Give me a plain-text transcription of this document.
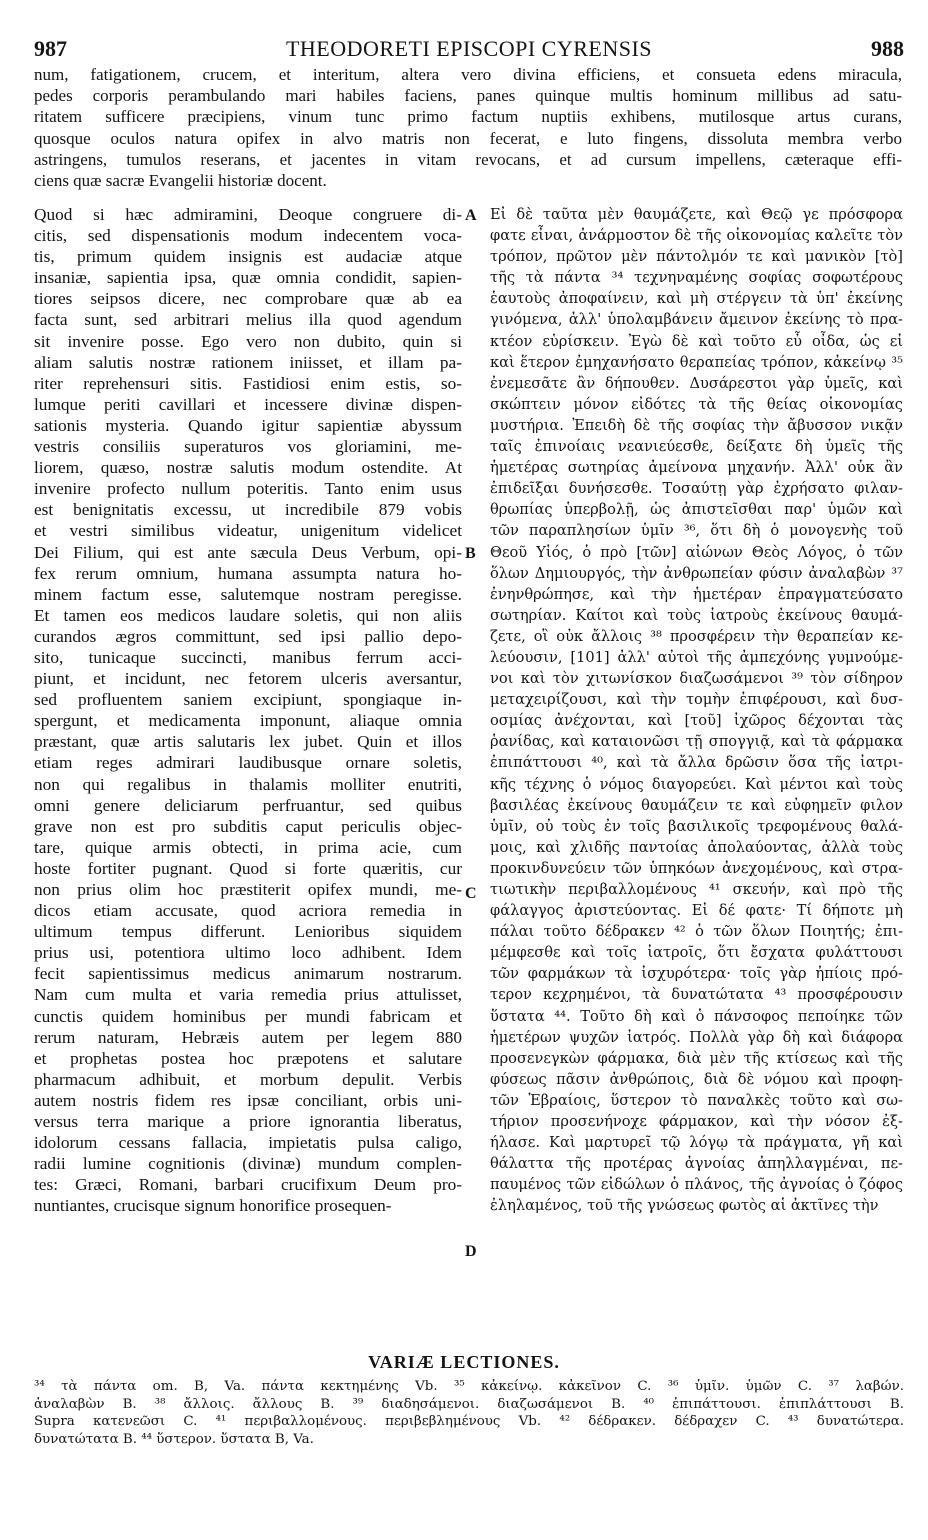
987	THEODORETI EPISCOPI CYRENSIS	988
num, fatigationem, crucem, et interitum, altera vero divina efficiens, et consueta edens miracula,
pedes corporis perambulando mari habiles faciens, panes quinque multis hominum millibus ad satu-
ritatem sufficere præcipiens, vinum tunc primo factum nuptiis exhibens, mutilosque artus curans,
quosque oculos natura opifex in alvo matris non fecerat, e luto fingens, dissoluta membra verbo
astringens, tumulos reserans, et jacentes in vitam revocans, et ad cursum impellens, cæteraque effi-
ciens quæ sacræ Evangelii historiæ docent.
Quod si hæc admiramini, Deoque congruere di-
citis, sed dispensationis modum indecentem voca-
tis, primum quidem insignis est audaciæ atque
insaniæ, sapientia ipsa, quæ omnia condidit, sapien-
tiores seipsos dicere, nec comprobare quæ ab ea
facta sunt, sed arbitrari melius illa quod agendum
sit invenire posse. Ego vero non dubito, quin si
aliam salutis nostræ rationem iniisset, et illam pa-
riter reprehensuri sitis. Fastidiosi enim estis, so-
lumque periti cavillari et incessere divinæ dispen-
sationis mysteria. Quando igitur sapientiæ abyssum
vestris consiliis superaturos vos gloriamini, me-
liorem, quæso, nostræ salutis modum ostendite. At
invenire profecto nullum poteritis. Tanto enim usus
est benignitatis excessu, ut incredibile 879 vobis
et vestri similibus videatur, unigenitum videlicet
Dei Filium, qui est ante sæcula Deus Verbum, opi-
fex rerum omnium, humana assumpta natura ho-
minem factum esse, salutemque nostram peregisse.
Et tamen eos medicos laudare soletis, qui non aliis
curandos ægros committunt, sed ipsi pallio depo-
sito, tunicaque succincti, manibus ferrum acci-
piunt, et incidunt, nec fetorem ulceris aversantur,
sed profluentem saniem excipiunt, spongiaque in-
spergunt, et medicamenta imponunt, aliaque omnia
præstant, quæ artis salutaris lex jubet. Quin et illos
etiam reges admirari laudibusque ornare soletis,
non qui regalibus in thalamis molliter enutriti,
omni genere deliciarum perfruantur, sed quibus
grave non est pro subditis caput periculis objec-
tare, quique armis obtecti, in prima acie, cum
hoste fortiter pugnant. Quod si forte quæritis, cur
non prius olim hoc præstiterit opifex mundi, me-
dicos etiam accusate, quod acriora remedia in
ultimum tempus differunt. Lenioribus siquidem
prius usi, potentiora ultimo loco adhibent. Idem
fecit sapientissimus medicus animarum nostrarum.
Nam cum multa et varia remedia prius attulisset,
cunctis quidem hominibus per mundi fabricam et
rerum naturam, Hebræis autem per legem 880
et prophetas postea hoc præpotens et salutare
pharmacum adhibuit, et morbum depulit. Verbis
autem nostris fidem res ipsæ conciliant, orbis uni-
versus terra marique a priore ignorantia liberatus,
idolorum cessans fallacia, impietatis pulsa caligo,
radii lumine cognitionis (divinæ) mundum complen-
tes: Græci, Romani, barbari crucifixum Deum pro-
nuntiantes, crucisque signum honorifice prosequen-
A
B
C
D
Εἰ δὲ ταῦτα μὲν θαυμάζετε, καὶ Θεῷ γε πρόσφορα
φατε εἶναι, ἀνάρμοστον δὲ τῆς οἰκονομίας καλεῖτε τὸν
τρόπον, πρῶτον μὲν πάντολμόν τε καὶ μανικὸν [τὸ]
τῆς τὰ πάντα ³⁴ τεχνηναμένης σοφίας σοφωτέρους
ἑαυτοὺς ἀποφαίνειν, καὶ μὴ στέργειν τὰ ὑπ' ἐκείνης
γινόμενα, ἀλλ' ὑπολαμβάνειν ἄμεινον ἐκείνης τὸ πρα-
κτέον εὑρίσκειν. Ἐγὼ δὲ καὶ τοῦτο εὖ οἶδα, ὡς εἰ
καὶ ἕτερον ἐμηχανήσατο θεραπείας τρόπον, κἀκείνῳ ³⁵
ἐνεμεσᾶτε ἂν δήπουθεν. Δυσάρεστοι γὰρ ὑμεῖς, καὶ
σκώπτειν μόνον εἰδότες τὰ τῆς θείας οἰκονομίας
μυστήρια. Ἐπειδὴ δὲ τῆς σοφίας τὴν ἄβυσσον νικᾷν
ταῖς ἐπινοίαις νεανιεύεσθε, δείξατε δὴ ὑμεῖς τῆς
ἡμετέρας σωτηρίας ἀμείνονα μηχανήν. Ἀλλ' οὐκ ἂν
ἐπιδεῖξαι δυνήσεσθε. Τοσαύτῃ γὰρ ἐχρήσατο φιλαν-
θρωπίας ὑπερβολῇ, ὡς ἀπιστεῖσθαι παρ' ὑμῶν καὶ
τῶν παραπλησίων ὑμῖν ³⁶, ὅτι δὴ ὁ μονογενὴς τοῦ
Θεοῦ Υἱός, ὁ πρὸ [τῶν] αἰώνων Θεὸς Λόγος, ὁ τῶν
ὅλων Δημιουργός, τὴν ἀνθρωπείαν φύσιν ἀναλαβὼν ³⁷
ἐνηνθρώπησε, καὶ τὴν ἡμετέραν ἐπραγματεύσατο
σωτηρίαν. Καίτοι καὶ τοὺς ἰατροὺς ἐκείνους θαυμά-
ζετε, οἳ οὐκ ἄλλοις ³⁸ προσφέρειν τὴν θεραπείαν κε-
λεύουσιν, [101] ἀλλ' αὐτοὶ τῆς ἀμπεχόνης γυμνούμε-
νοι καὶ τὸν χιτωνίσκον διαζωσάμενοι ³⁹ τὸν σίδηρον
μεταχειρίζουσι, καὶ τὴν τομὴν ἐπιφέρουσι, καὶ δυσ-
οσμίας ἀνέχονται, καὶ [τοῦ] ἰχῶρος δέχονται τὰς
ῥανίδας, καὶ καταιονῶσι τῇ σπογγιᾷ, καὶ τὰ φάρμακα
ἐπιπάττουσι ⁴⁰, καὶ τὰ ἄλλα δρῶσιν ὅσα τῆς ἰατρι-
κῆς τέχνης ὁ νόμος διαγορεύει. Καὶ μέντοι καὶ τοὺς
βασιλέας ἐκείνους θαυμάζειν τε καὶ εὐφημεῖν φιλον
ὑμῖν, οὐ τοὺς ἐν τοῖς βασιλικοῖς τρεφομένους θαλά-
μοις, καὶ χλιδῆς παντοίας ἀπολαύοντας, ἀλλὰ τοὺς
προκινδυνεύειν τῶν ὑπηκόων ἀνεχομένους, καὶ στρα-
τιωτικὴν περιβαλλομένους ⁴¹ σκευήν, καὶ πρὸ τῆς
φάλαγγος ἀριστεύοντας. Εἰ δέ φατε· Τί δήποτε μὴ
πάλαι τοῦτο δέδρακεν ⁴² ὁ τῶν ὅλων Ποιητής; ἐπι-
μέμφεσθε καὶ τοῖς ἰατροῖς, ὅτι ἔσχατα φυλάττουσι
τῶν φαρμάκων τὰ ἰσχυρότερα· τοῖς γὰρ ἠπίοις πρό-
τερον κεχρημένοι, τὰ δυνατώτατα ⁴³ προσφέρουσιν
ὕστατα ⁴⁴. Τοῦτο δὴ καὶ ὁ πάνσοφος πεποίηκε τῶν
ἡμετέρων ψυχῶν ἰατρός. Πολλὰ γὰρ δὴ καὶ διάφορα
προσενεγκὼν φάρμακα, διὰ μὲν τῆς κτίσεως καὶ τῆς
φύσεως πᾶσιν ἀνθρώποις, διὰ δὲ νόμου καὶ προφη-
τῶν Ἑβραίοις, ὕστερον τὸ παναλκὲς τοῦτο καὶ σω-
τήριον προσενήνοχε φάρμακον, καὶ τὴν νόσον ἐξ-
ήλασε. Καὶ μαρτυρεῖ τῷ λόγῳ τὰ πράγματα, γῆ καὶ
θάλαττα τῆς προτέρας ἀγνοίας ἀπηλλαγμέναι, πε-
παυμένος τῶν εἰδώλων ὁ πλάνος, τῆς ἀγνοίας ὁ ζόφος
ἐληλαμένος, τοῦ τῆς γνώσεως φωτὸς αἱ ἀκτῖνες τὴν
VARIÆ LECTIONES.
³⁴ τὰ πάντα om. B, Va. πάντα κεκτημένης Vb. ³⁵ κἀκείνῳ. κἀκεῖνον C. ³⁶ ὑμῖν. ὑμῶν C. ³⁷ λαβών.
ἀναλαβὼν B. ³⁸ ἄλλοις. ἄλλους B. ³⁹ διαδησάμενοι. διαζωσάμενοι B. ⁴⁰ ἐπιπάττουσι. ἐπιπλάττουσι B.
Supra κατενεῶσι C. ⁴¹ περιβαλλομένους. περιβεβλημένους Vb. ⁴² δέδρακεν. δέδραχεν C. ⁴³ δυνατώτερα.
δυνατώτατα B. ⁴⁴ ὕστερον. ὕστατα B, Va.
